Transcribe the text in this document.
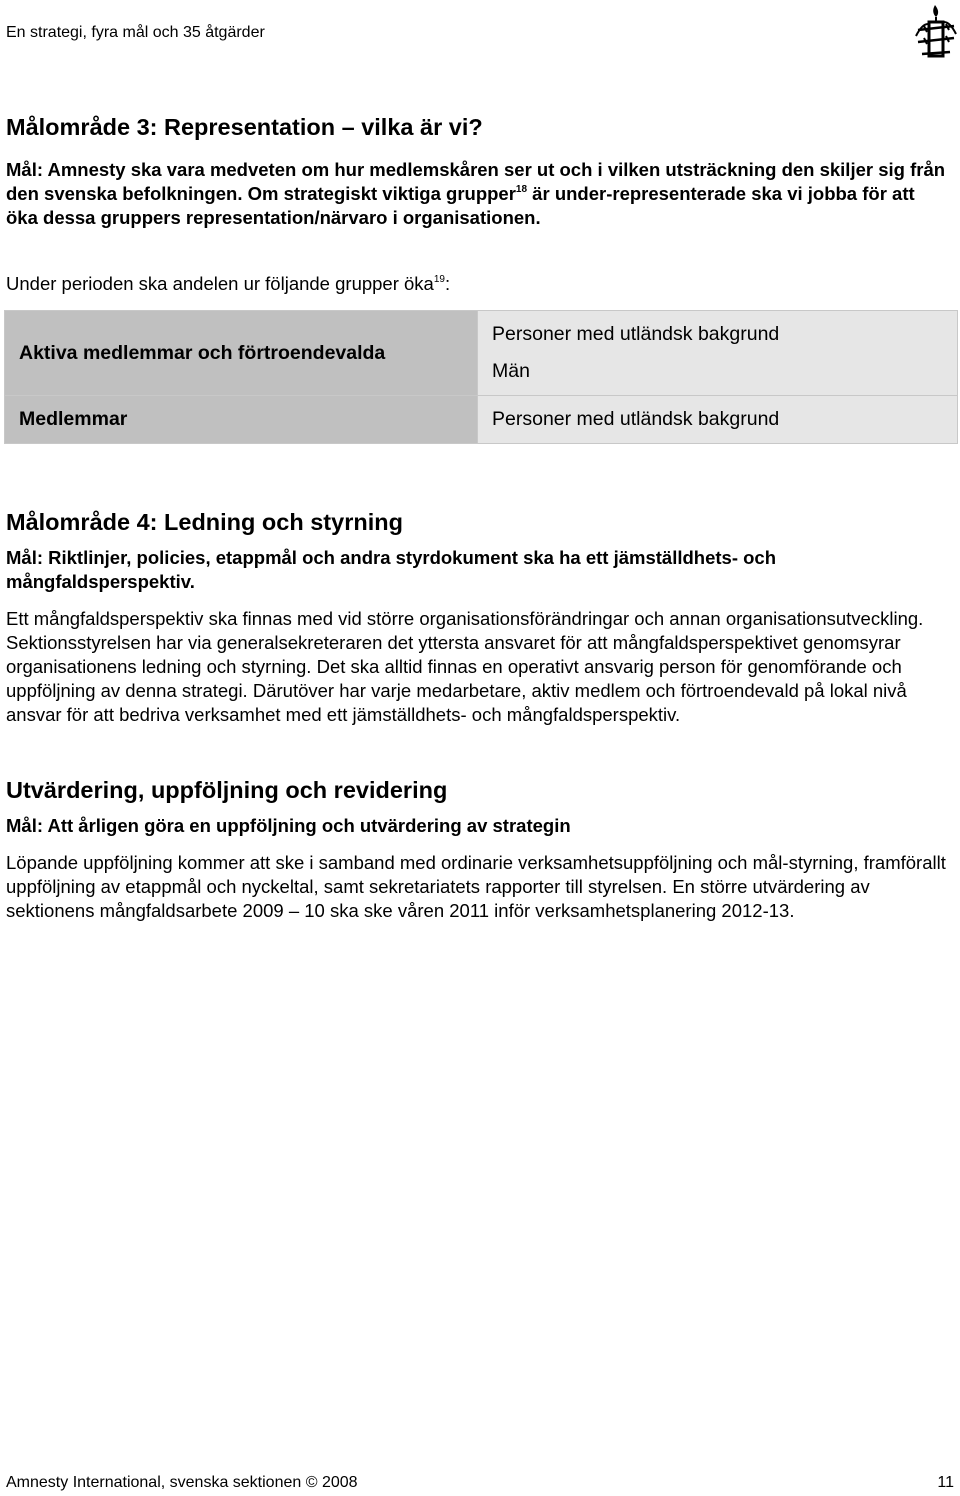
En strategi, fyra mål och 35 åtgärder
Målområde 3: Representation – vilka är vi?

Mål: Amnesty ska vara medveten om hur medlemskåren ser ut och i vilken utsträckning den skiljer sig från den svenska befolkningen. Om strategiskt viktiga grupper$^{18}$ är under-representerade ska vi jobba för att öka dessa gruppers representation/närvaro i organisationen.

Under perioden ska andelen ur följande grupper öka$^{19}$:

Aktiva medlemmar och förtroendevalda	Personer med utländsk bakgrund
Män

Medlemmar	Personer med utländsk bakgrund
Målområde 4: Ledning och styrning

Mål: Riktlinjer, policies, etappmål och andra styrdokument ska ha ett jämställdhets- och mångfaldsperspektiv.

Ett mångfaldsperspektiv ska finnas med vid större organisationsförändringar och annan organisationsutveckling. Sektionsstyrelsen har via generalsekreteraren det yttersta ansvaret för att mångfaldsperspektivet genomsyrar organisationens ledning och styrning. Det ska alltid finnas en operativt ansvarig person för genomförande och uppföljning av denna strategi. Därutöver har varje medarbetare, aktiv medlem och förtroendevald på lokal nivå ansvar för att bedriva verksamhet med ett jämställdhets- och mångfaldsperspektiv.

Utvärdering, uppföljning och revidering

Mål: Att årligen göra en uppföljning och utvärdering av strategin

Löpande uppföljning kommer att ske i samband med ordinarie verksamhetsuppföljning och mål-styrning, framförallt uppföljning av etappmål och nyckeltal, samt sekretariatets rapporter till styrelsen. En större utvärdering av sektionens mångfaldsarbete 2009 – 10 ska ske våren 2011 inför verksamhetsplanering 2012-13.

Amnesty International, svenska sektionen © 2008	11
